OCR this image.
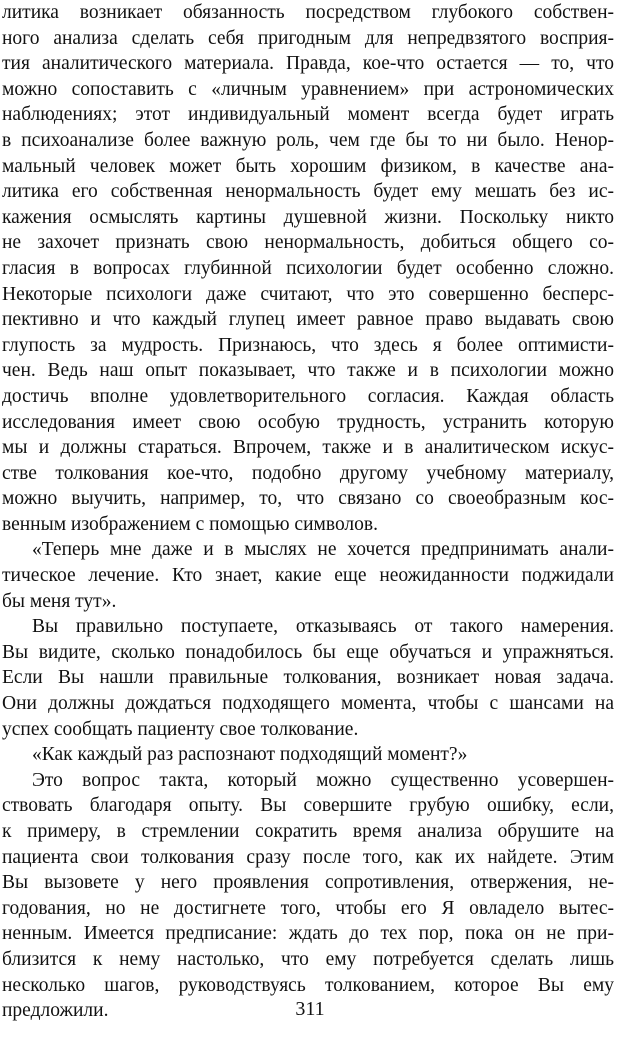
литика возникает обязанность посредством глубокого собствен-
ного анализа сделать себя пригодным для непредвзятого восприя-
тия аналитического материала. Правда, кое-что остается — то, что
можно сопоставить с «личным уравнением» при астрономических
наблюдениях; этот индивидуальный момент всегда будет играть
в психоанализе более важную роль, чем где бы то ни было. Ненор-
мальный человек может быть хорошим физиком, в качестве ана-
литика его собственная ненормальность будет ему мешать без ис-
кажения осмыслять картины душевной жизни. Поскольку никто
не захочет признать свою ненормальность, добиться общего со-
гласия в вопросах глубинной психологии будет особенно сложно.
Некоторые психологи даже считают, что это совершенно бесперс-
пективно и что каждый глупец имеет равное право выдавать свою
глупость за мудрость. Признаюсь, что здесь я более оптимисти-
чен. Ведь наш опыт показывает, что также и в психологии можно
достичь вполне удовлетворительного согласия. Каждая область
исследования имеет свою особую трудность, устранить которую
мы и должны стараться. Впрочем, также и в аналитическом искус-
стве толкования кое-что, подобно другому учебному материалу,
можно выучить, например, то, что связано со своеобразным кос-
венным изображением с помощью символов.
«Теперь мне даже и в мыслях не хочется предпринимать анали-
тическое лечение. Кто знает, какие еще неожиданности поджидали
бы меня тут».
Вы правильно поступаете, отказываясь от такого намерения.
Вы видите, сколько понадобилось бы еще обучаться и упражняться.
Если Вы нашли правильные толкования, возникает новая задача.
Они должны дождаться подходящего момента, чтобы с шансами на
успех сообщать пациенту свое толкование.
«Как каждый раз распознают подходящий момент?»
Это вопрос такта, который можно существенно усовершен-
ствовать благодаря опыту. Вы совершите грубую ошибку, если,
к примеру, в стремлении сократить время анализа обрушите на
пациента свои толкования сразу после того, как их найдете. Этим
Вы вызовете у него проявления сопротивления, отвержения, не-
годования, но не достигнете того, чтобы его Я овладело вытес-
ненным. Имеется предписание: ждать до тех пор, пока он не при-
близится к нему настолько, что ему потребуется сделать лишь
несколько шагов, руководствуясь толкованием, которое Вы ему
предложили.	311
